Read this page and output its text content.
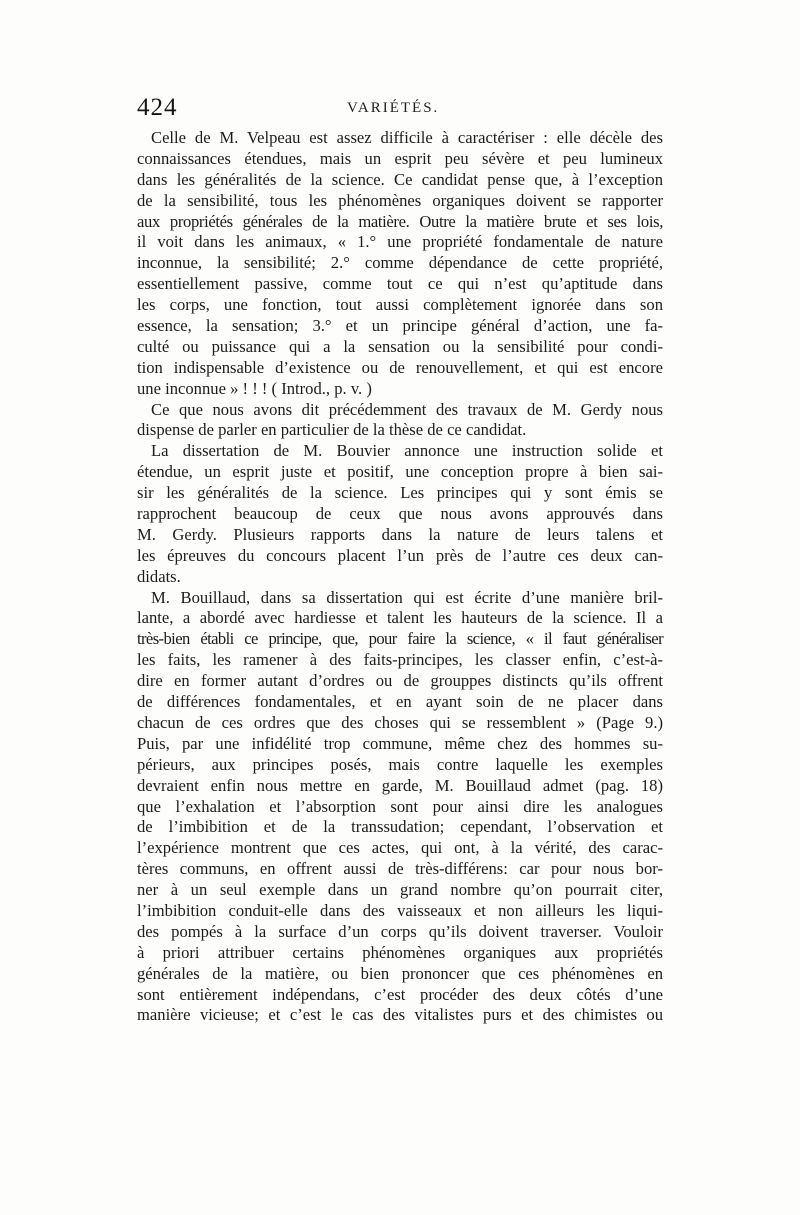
424	VARIÉTÉS.
Celle de M. Velpeau est assez difficile à caractériser : elle décèle des
connaissances étendues, mais un esprit peu sévère et peu lumineux
dans les généralités de la science. Ce candidat pense que, à l’exception
de la sensibilité, tous les phénomènes organiques doivent se rapporter
aux propriétés générales de la matière. Outre la matière brute et ses lois,
il voit dans les animaux, « 1.° une propriété fondamentale de nature
inconnue, la sensibilité; 2.° comme dépendance de cette propriété,
essentiellement passive, comme tout ce qui n’est qu’aptitude dans
les corps, une fonction, tout aussi complètement ignorée dans son
essence, la sensation; 3.° et un principe général d’action, une fa-
culté ou puissance qui a la sensation ou la sensibilité pour condi-
tion indispensable d’existence ou de renouvellement, et qui est encore
une inconnue » ! ! ! ( Introd., p. v. )
Ce que nous avons dit précédemment des travaux de M. Gerdy nous
dispense de parler en particulier de la thèse de ce candidat.
La dissertation de M. Bouvier annonce une instruction solide et
étendue, un esprit juste et positif, une conception propre à bien sai-
sir les généralités de la science. Les principes qui y sont émis se
rapprochent beaucoup de ceux que nous avons approuvés dans
M. Gerdy. Plusieurs rapports dans la nature de leurs talens et
les épreuves du concours placent l’un près de l’autre ces deux can-
didats.
M. Bouillaud, dans sa dissertation qui est écrite d’une manière bril-
lante, a abordé avec hardiesse et talent les hauteurs de la science. Il a
très-bien établi ce principe, que, pour faire la science, « il faut généraliser
les faits, les ramener à des faits-principes, les classer enfin, c’est-à-
dire en former autant d’ordres ou de grouppes distincts qu’ils offrent
de différences fondamentales, et en ayant soin de ne placer dans
chacun de ces ordres que des choses qui se ressemblent » (Page 9.)
Puis, par une infidélité trop commune, même chez des hommes su-
périeurs, aux principes posés, mais contre laquelle les exemples
devraient enfin nous mettre en garde, M. Bouillaud admet (pag. 18)
que l’exhalation et l’absorption sont pour ainsi dire les analogues
de l’imbibition et de la transsudation; cependant, l’observation et
l’expérience montrent que ces actes, qui ont, à la vérité, des carac-
tères communs, en offrent aussi de très-différens: car pour nous bor-
ner à un seul exemple dans un grand nombre qu’on pourrait citer,
l’imbibition conduit-elle dans des vaisseaux et non ailleurs les liqui-
des pompés à la surface d’un corps qu’ils doivent traverser. Vouloir
à priori attribuer certains phénomènes organiques aux propriétés
générales de la matière, ou bien prononcer que ces phénomènes en
sont entièrement indépendans, c’est procéder des deux côtés d’une
manière vicieuse; et c’est le cas des vitalistes purs et des chimistes ou
